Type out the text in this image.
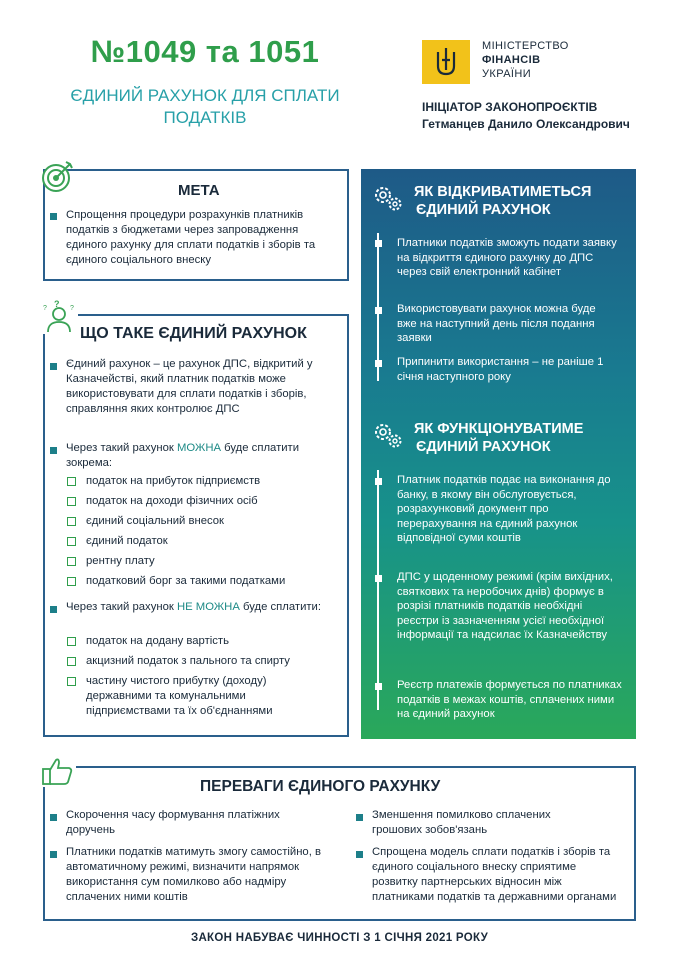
№1049 та 1051
ЄДИНИЙ РАХУНОК ДЛЯ СПЛАТИ
ПОДАТКІВ
МІНІСТЕРСТВО
ФІНАНСІВ
УКРАЇНИ
ІНІЦІАТОР ЗАКОНОПРОЄКТІВ
Гетманцев Данило Олександрович
МЕТА
Спрощення процедури розрахунків платників податків з бюджетами через запровадження єдиного рахунку для сплати податків і зборів та єдиного соціального внеску
?
?	?
ЩО ТАКЕ ЄДИНИЙ РАХУНОК
Єдиний рахунок – це рахунок ДПС, відкритий у Казначействі, який платник податків може використовувати для сплати податків і зборів, справляння яких контролює ДПС
Через такий рахунок МОЖНА буде сплатити зокрема:
податок на прибуток підприємств
податок на доходи фізичних осіб
єдиний соціальний внесок
єдиний податок
рентну плату
податковий борг за такими податками
Через такий рахунок НЕ МОЖНА буде сплатити:
податок на додану вартість
акцизний податок з пального та спирту
частину чистого прибутку (доходу) державними та комунальними підприємствами та їх об'єднаннями
ЯК ВІДКРИВАТИМЕТЬСЯ
ЄДИНИЙ РАХУНОК
Платники податків зможуть подати заявку на відкриття єдиного рахунку до ДПС через свій електронний кабінет
Використовувати рахунок можна буде вже на наступний день після подання заявки
Припинити використання – не раніше 1 січня наступного року
ЯК ФУНКЦІОНУВАТИМЕ
ЄДИНИЙ РАХУНОК
Платник податків подає на виконання до банку, в якому він обслуговується, розрахунковий документ про перерахування на єдиний рахунок відповідної суми коштів
ДПС у щоденному режимі (крім вихідних, святкових та неробочих днів) формує в розрізі платників податків необхідні реєстри із зазначенням усієї необхідної інформації та надсилає їх Казначейству
Реєстр платежів формується по платниках податків в межах коштів, сплачених ними на єдиний рахунок
ПЕРЕВАГИ ЄДИНОГО РАХУНКУ
Скорочення часу формування платіжних доручень
Платники податків матимуть змогу самостійно, в автоматичному режимі, визначити напрямок використання сум помилково або надміру сплачених ними коштів
Зменшення помилково сплачених грошових зобов'язань
Спрощена модель сплати податків і зборів та єдиного соціального внеску сприятиме розвитку партнерських відносин між платниками податків та державними органами
ЗАКОН НАБУВАЄ ЧИННОСТІ З 1 СІЧНЯ 2021 РОКУ
